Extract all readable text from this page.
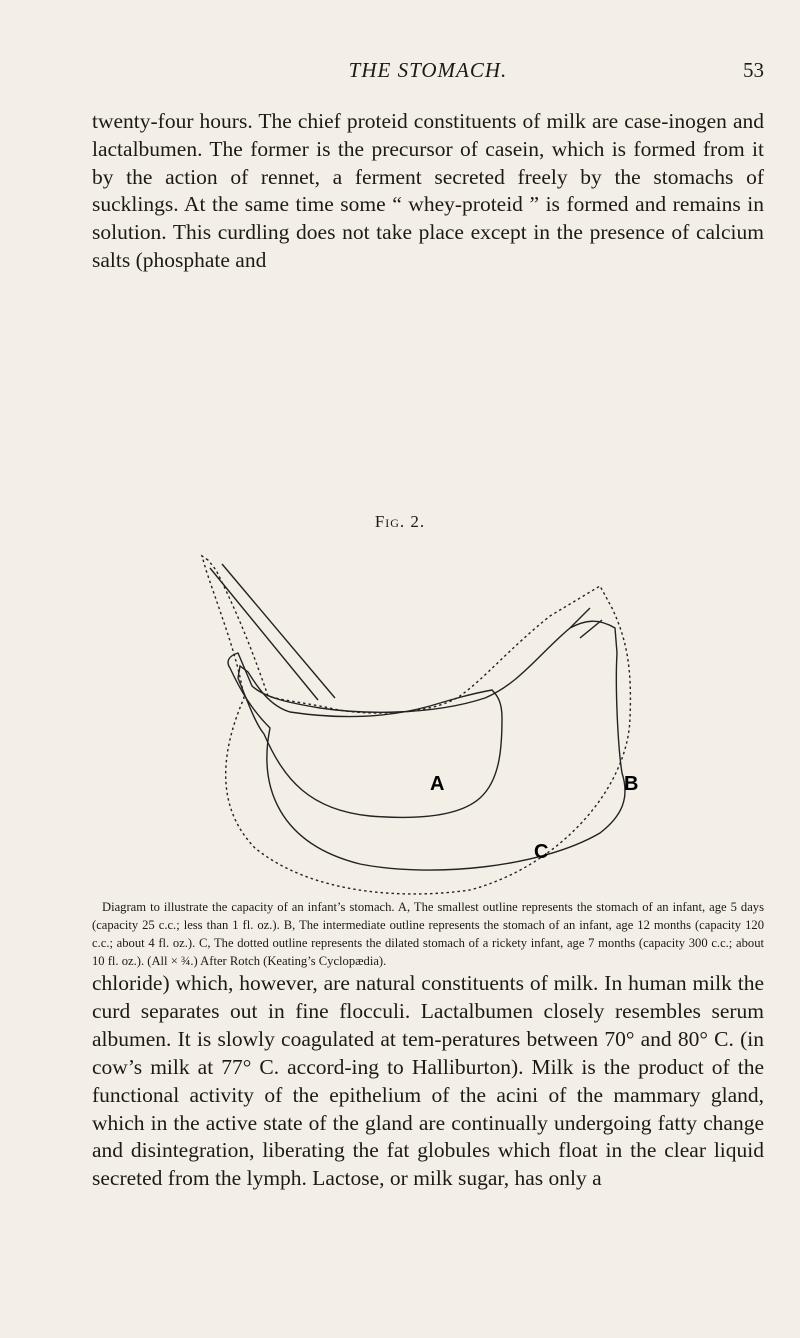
THE STOMACH.	53

twenty-four hours. The chief proteid constituents of milk are case-inogen and lactalbumen. The former is the precursor of casein, which is formed from it by the action of rennet, a ferment secreted freely by the stomachs of sucklings. At the same time some “ whey-proteid ” is formed and remains in solution. This curdling does not take place except in the presence of calcium salts (phosphate and

Fig. 2.
A	B
C

Diagram to illustrate the capacity of an infant’s stomach. A, The smallest outline represents the stomach of an infant, age 5 days (capacity 25 c.c.; less than 1 fl. oz.). B, The intermediate outline represents the stomach of an infant, age 12 months (capacity 120 c.c.; about 4 fl. oz.). C, The dotted outline represents the dilated stomach of a rickety infant, age 7 months (capacity 300 c.c.; about 10 fl. oz.). (All × ¾.) After Rotch (Keating’s Cyclopædia).

chloride) which, however, are natural constituents of milk. In human milk the curd separates out in fine flocculi. Lactalbumen closely resembles serum albumen. It is slowly coagulated at tem-peratures between 70° and 80° C. (in cow’s milk at 77° C. accord-ing to Halliburton). Milk is the product of the functional activity of the epithelium of the acini of the mammary gland, which in the active state of the gland are continually undergoing fatty change and disintegration, liberating the fat globules which float in the clear liquid secreted from the lymph. Lactose, or milk sugar, has only a
